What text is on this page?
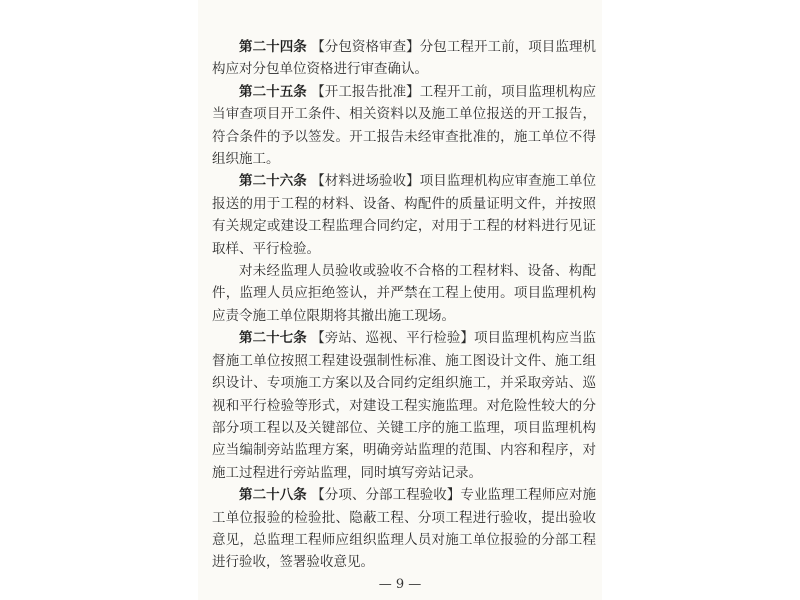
第二十四条 【分包资格审查】分包工程开工前，项目监理机构应对分包单位资格进行审查确认。

第二十五条 【开工报告批准】工程开工前，项目监理机构应当审查项目开工条件、相关资料以及施工单位报送的开工报告，符合条件的予以签发。开工报告未经审查批准的，施工单位不得组织施工。

第二十六条 【材料进场验收】项目监理机构应审查施工单位报送的用于工程的材料、设备、构配件的质量证明文件，并按照有关规定或建设工程监理合同约定，对用于工程的材料进行见证取样、平行检验。

对未经监理人员验收或验收不合格的工程材料、设备、构配件，监理人员应拒绝签认，并严禁在工程上使用。项目监理机构应责令施工单位限期将其撤出施工现场。

第二十七条 【旁站、巡视、平行检验】项目监理机构应当监督施工单位按照工程建设强制性标准、施工图设计文件、施工组织设计、专项施工方案以及合同约定组织施工，并采取旁站、巡视和平行检验等形式，对建设工程实施监理。对危险性较大的分部分项工程以及关键部位、关键工序的施工监理，项目监理机构应当编制旁站监理方案，明确旁站监理的范围、内容和程序，对施工过程进行旁站监理，同时填写旁站记录。

第二十八条 【分项、分部工程验收】专业监理工程师应对施工单位报验的检验批、隐蔽工程、分项工程进行验收，提出验收意见，总监理工程师应组织监理人员对施工单位报验的分部工程进行验收，签署验收意见。

— 9 —
